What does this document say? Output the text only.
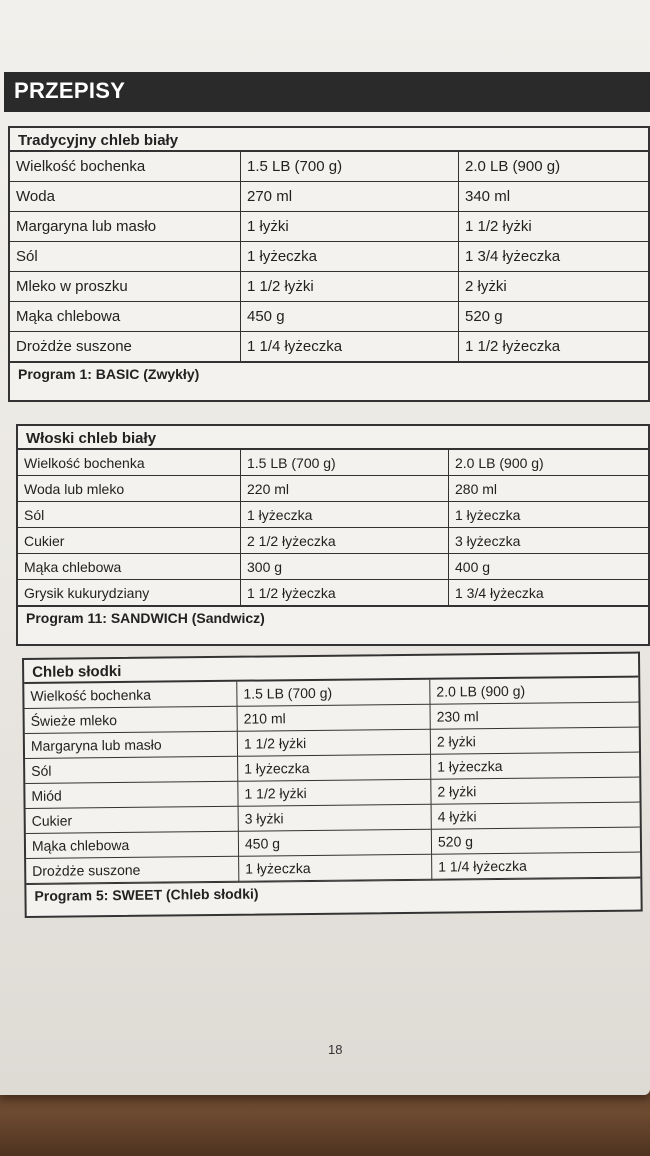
PRZEPISY
Tradycyjny chleb biały
Wielkość bochenka	1.5 LB (700 g)	2.0 LB (900 g)
Woda	270 ml	340 ml
Margaryna lub masło	1 łyżki	1 1/2 łyżki
Sól	1 łyżeczka	1 3/4 łyżeczka
Mleko w proszku	1 1/2 łyżki	2 łyżki
Mąka chlebowa	450 g	520 g
Drożdże suszone	1 1/4 łyżeczka	1 1/2 łyżeczka
Program 1: BASIC (Zwykły)
Włoski chleb biały
Wielkość bochenka	1.5 LB (700 g)	2.0 LB (900 g)
Woda lub mleko	220 ml	280 ml
Sól	1 łyżeczka	1 łyżeczka
Cukier	2 1/2 łyżeczka	3 łyżeczka
Mąka chlebowa	300 g	400 g
Grysik kukurydziany	1 1/2 łyżeczka	1 3/4 łyżeczka
Program 11: SANDWICH (Sandwicz)
Chleb słodki
Wielkość bochenka	1.5 LB (700 g)	2.0 LB (900 g)
Świeże mleko	210 ml	230 ml
Margaryna lub masło	1 1/2 łyżki	2 łyżki
Sól	1 łyżeczka	1 łyżeczka
Miód	1 1/2 łyżki	2 łyżki
Cukier	3 łyżki	4 łyżki
Mąka chlebowa	450 g	520 g
Drożdże suszone	1 łyżeczka	1 1/4 łyżeczka
Program 5: SWEET (Chleb słodki)
18
